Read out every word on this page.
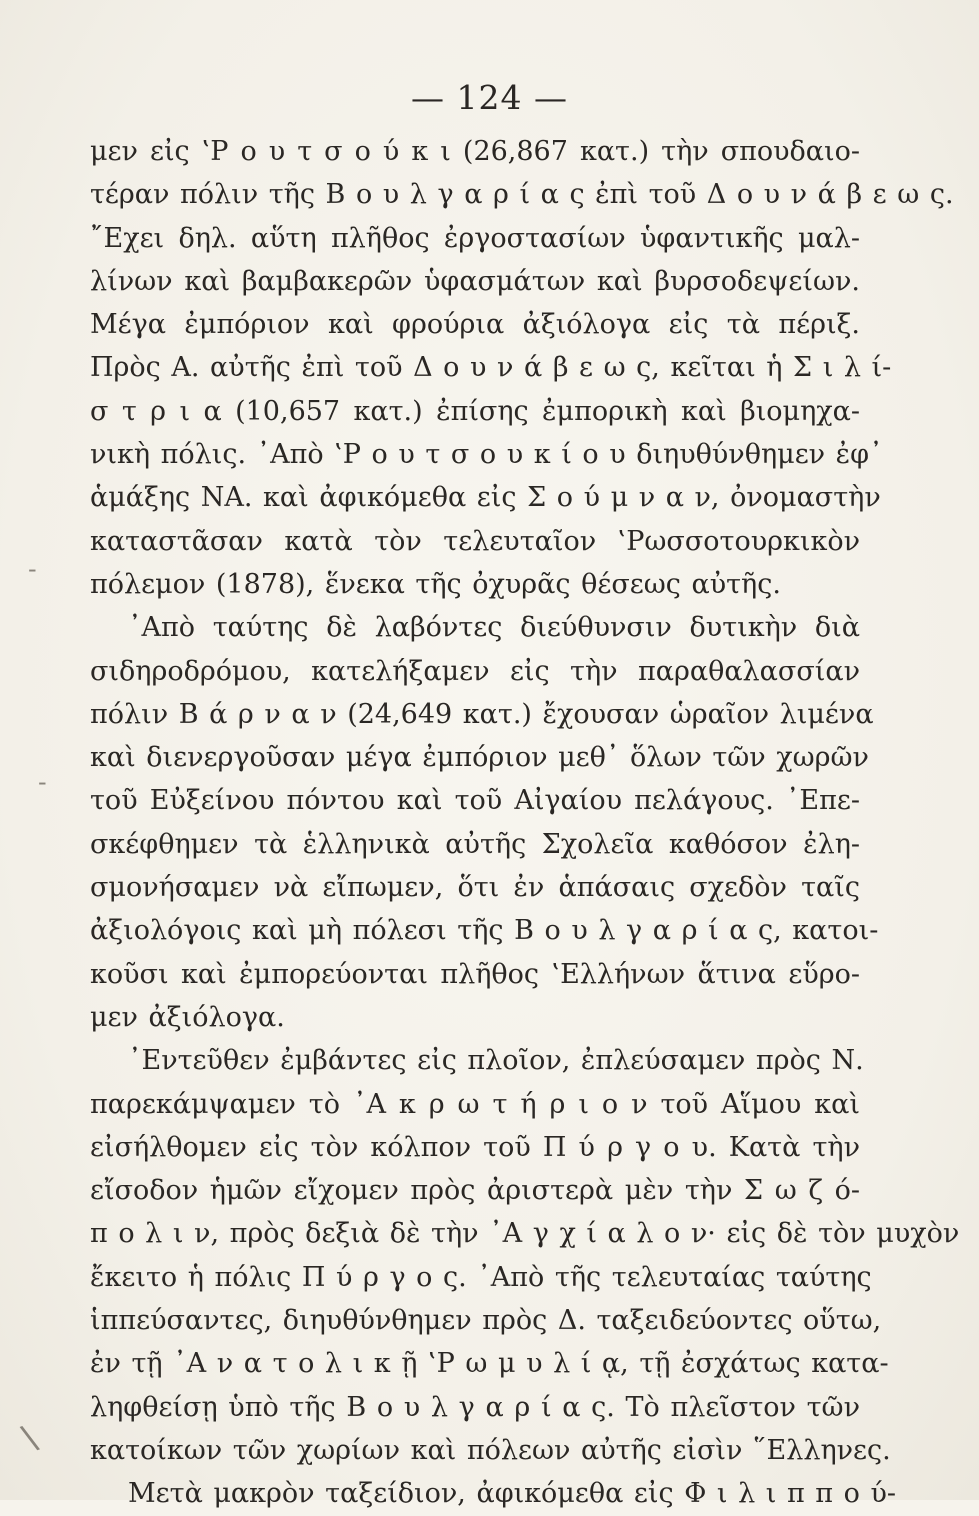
— 124 —
-
-
\
μεν εἰς ‛Ρ ο υ τ σ ο ύ κ ι (26,867 κατ.) τὴν σπουδαιο-
τέραν πόλιν τῆς Β ο υ λ γ α ρ ί α ς ἐπὶ τοῦ Δ ο υ ν ά β ε ω ς.
῎Εχει δηλ. αὕτη πλῆθος ἐργοστασίων ὑφαντικῆς μαλ-
λίνων καὶ βαμβακερῶν ὑφασμάτων καὶ βυρσοδεψείων.
Μέγα ἐμπόριον καὶ φρούρια ἀξιόλογα εἰς τὰ πέριξ.
Πρὸς Α. αὐτῆς ἐπὶ τοῦ Δ ο υ ν ά β ε ω ς, κεῖται ἡ Σ ι λ ί-
σ τ ρ ι α (10,657 κατ.) ἐπίσης ἐμπορικὴ καὶ βιομηχα-
νικὴ πόλις. ᾿Απὸ ‛Ρ ο υ τ σ ο υ κ ί ο υ διηυθύνθημεν ἐφ᾿
ἁμάξης ΝΑ. καὶ ἀφικόμεθα εἰς Σ ο ύ μ ν α ν, ὀνομαστὴν
καταστᾶσαν κατὰ τὸν τελευταῖον ‛Ρωσσοτουρκικὸν
πόλεμον (1878), ἕνεκα τῆς ὀχυρᾶς θέσεως αὐτῆς.
᾿Απὸ ταύτης δὲ λαβόντες διεύθυνσιν δυτικὴν διὰ
σιδηροδρόμου, κατελήξαμεν εἰς τὴν παραθαλασσίαν
πόλιν Β ά ρ ν α ν (24,649 κατ.) ἔχουσαν ὡραῖον λιμένα
καὶ διενεργοῦσαν μέγα ἐμπόριον μεθ᾿ ὅλων τῶν χωρῶν
τοῦ Εὐξείνου πόντου καὶ τοῦ Αἰγαίου πελάγους. ᾿Επε-
σκέφθημεν τὰ ἑλληνικὰ αὐτῆς Σχολεῖα καθόσον ἐλη-
σμονήσαμεν νὰ εἴπωμεν, ὅτι ἐν ἁπάσαις σχεδὸν ταῖς
ἀξιολόγοις καὶ μὴ πόλεσι τῆς Β ο υ λ γ α ρ ί α ς, κατοι-
κοῦσι καὶ ἐμπορεύονται πλῆθος ‛Ελλήνων ἅτινα εὕρο-
μεν ἀξιόλογα.
᾿Εντεῦθεν ἐμβάντες εἰς πλοῖον, ἐπλεύσαμεν πρὸς Ν.
παρεκάμψαμεν τὸ ᾿Α κ ρ ω τ ή ρ ι ο ν τοῦ Αἵμου καὶ
εἰσήλθομεν εἰς τὸν κόλπον τοῦ Π ύ ρ γ ο υ. Κατὰ τὴν
εἴσοδον ἡμῶν εἴχομεν πρὸς ἀριστερὰ μὲν τὴν Σ ω ζ ό-
π ο λ ι ν, πρὸς δεξιὰ δὲ τὴν ᾿Α γ χ ί α λ ο ν· εἰς δὲ τὸν μυχὸν
ἔκειτο ἡ πόλις Π ύ ρ γ ο ς. ᾿Απὸ τῆς τελευταίας ταύτης
ἱππεύσαντες, διηυθύνθημεν πρὸς Δ. ταξειδεύοντες οὕτω,
ἐν τῇ ᾿Α ν α τ ο λ ι κ ῇ ‛Ρ ω μ υ λ ί ᾳ, τῇ ἐσχάτως κατα-
ληφθείσῃ ὑπὸ τῆς Β ο υ λ γ α ρ ί α ς. Τὸ πλεῖστον τῶν
κατοίκων τῶν χωρίων καὶ πόλεων αὐτῆς εἰσὶν ῞Ελληνες.
Μετὰ μακρὸν ταξείδιον, ἀφικόμεθα εἰς Φ ι λ ι π π ο ύ-
